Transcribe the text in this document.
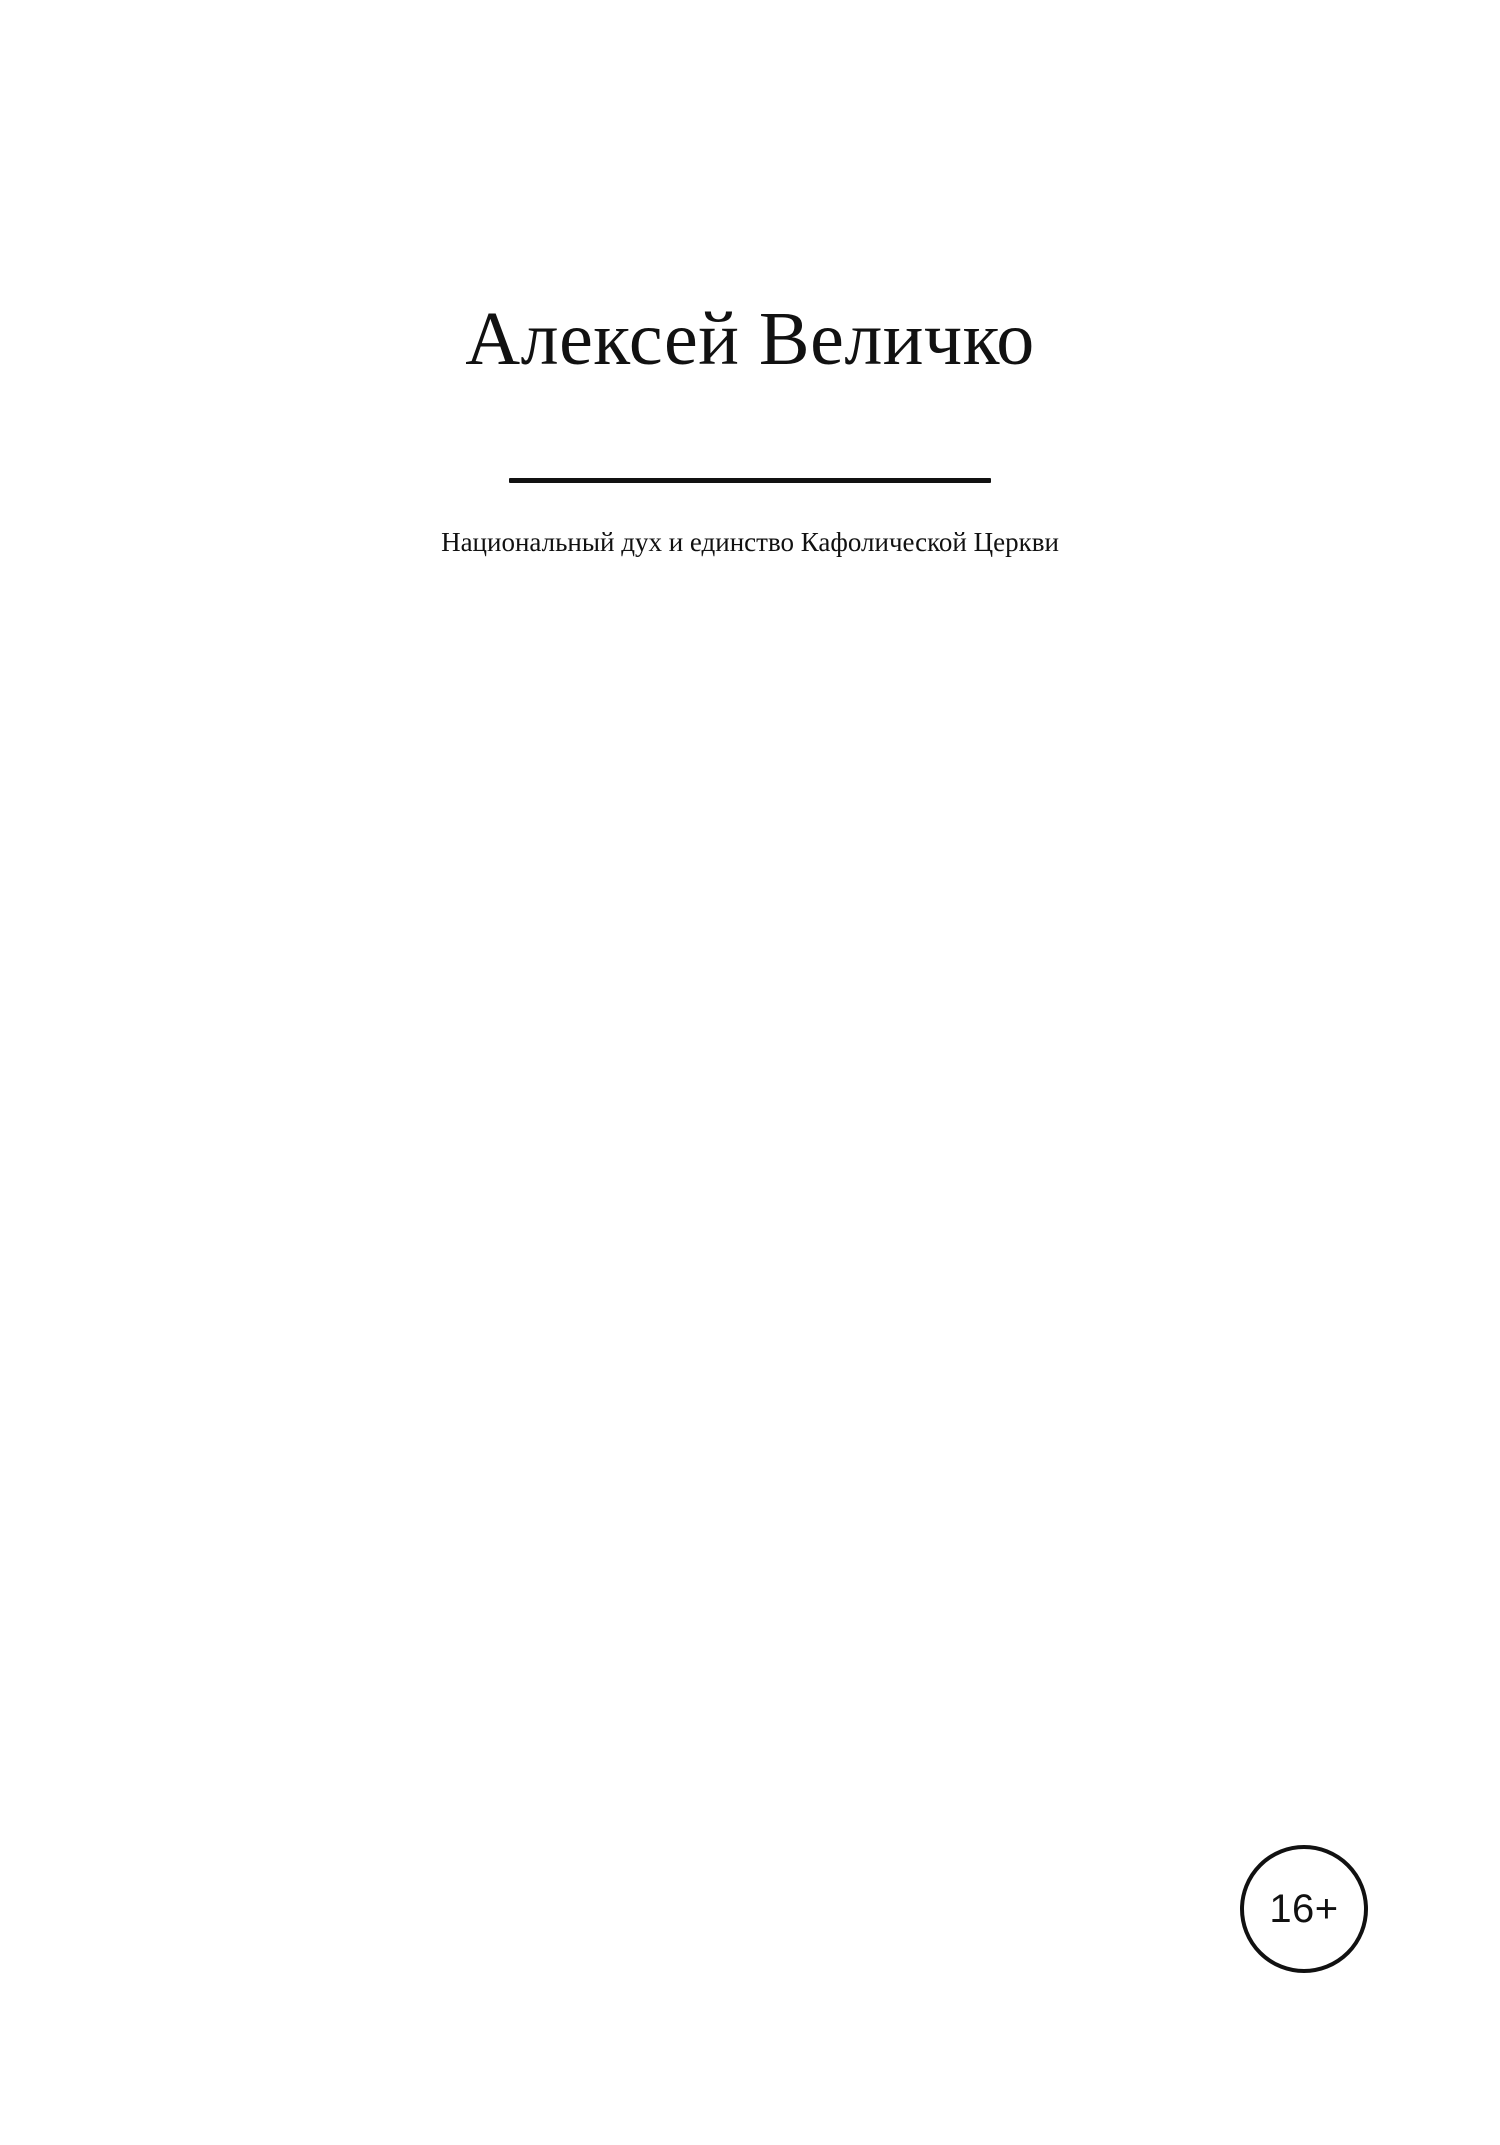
Алексей Величко
Национальный дух и единство Кафолической Церкви
16+
